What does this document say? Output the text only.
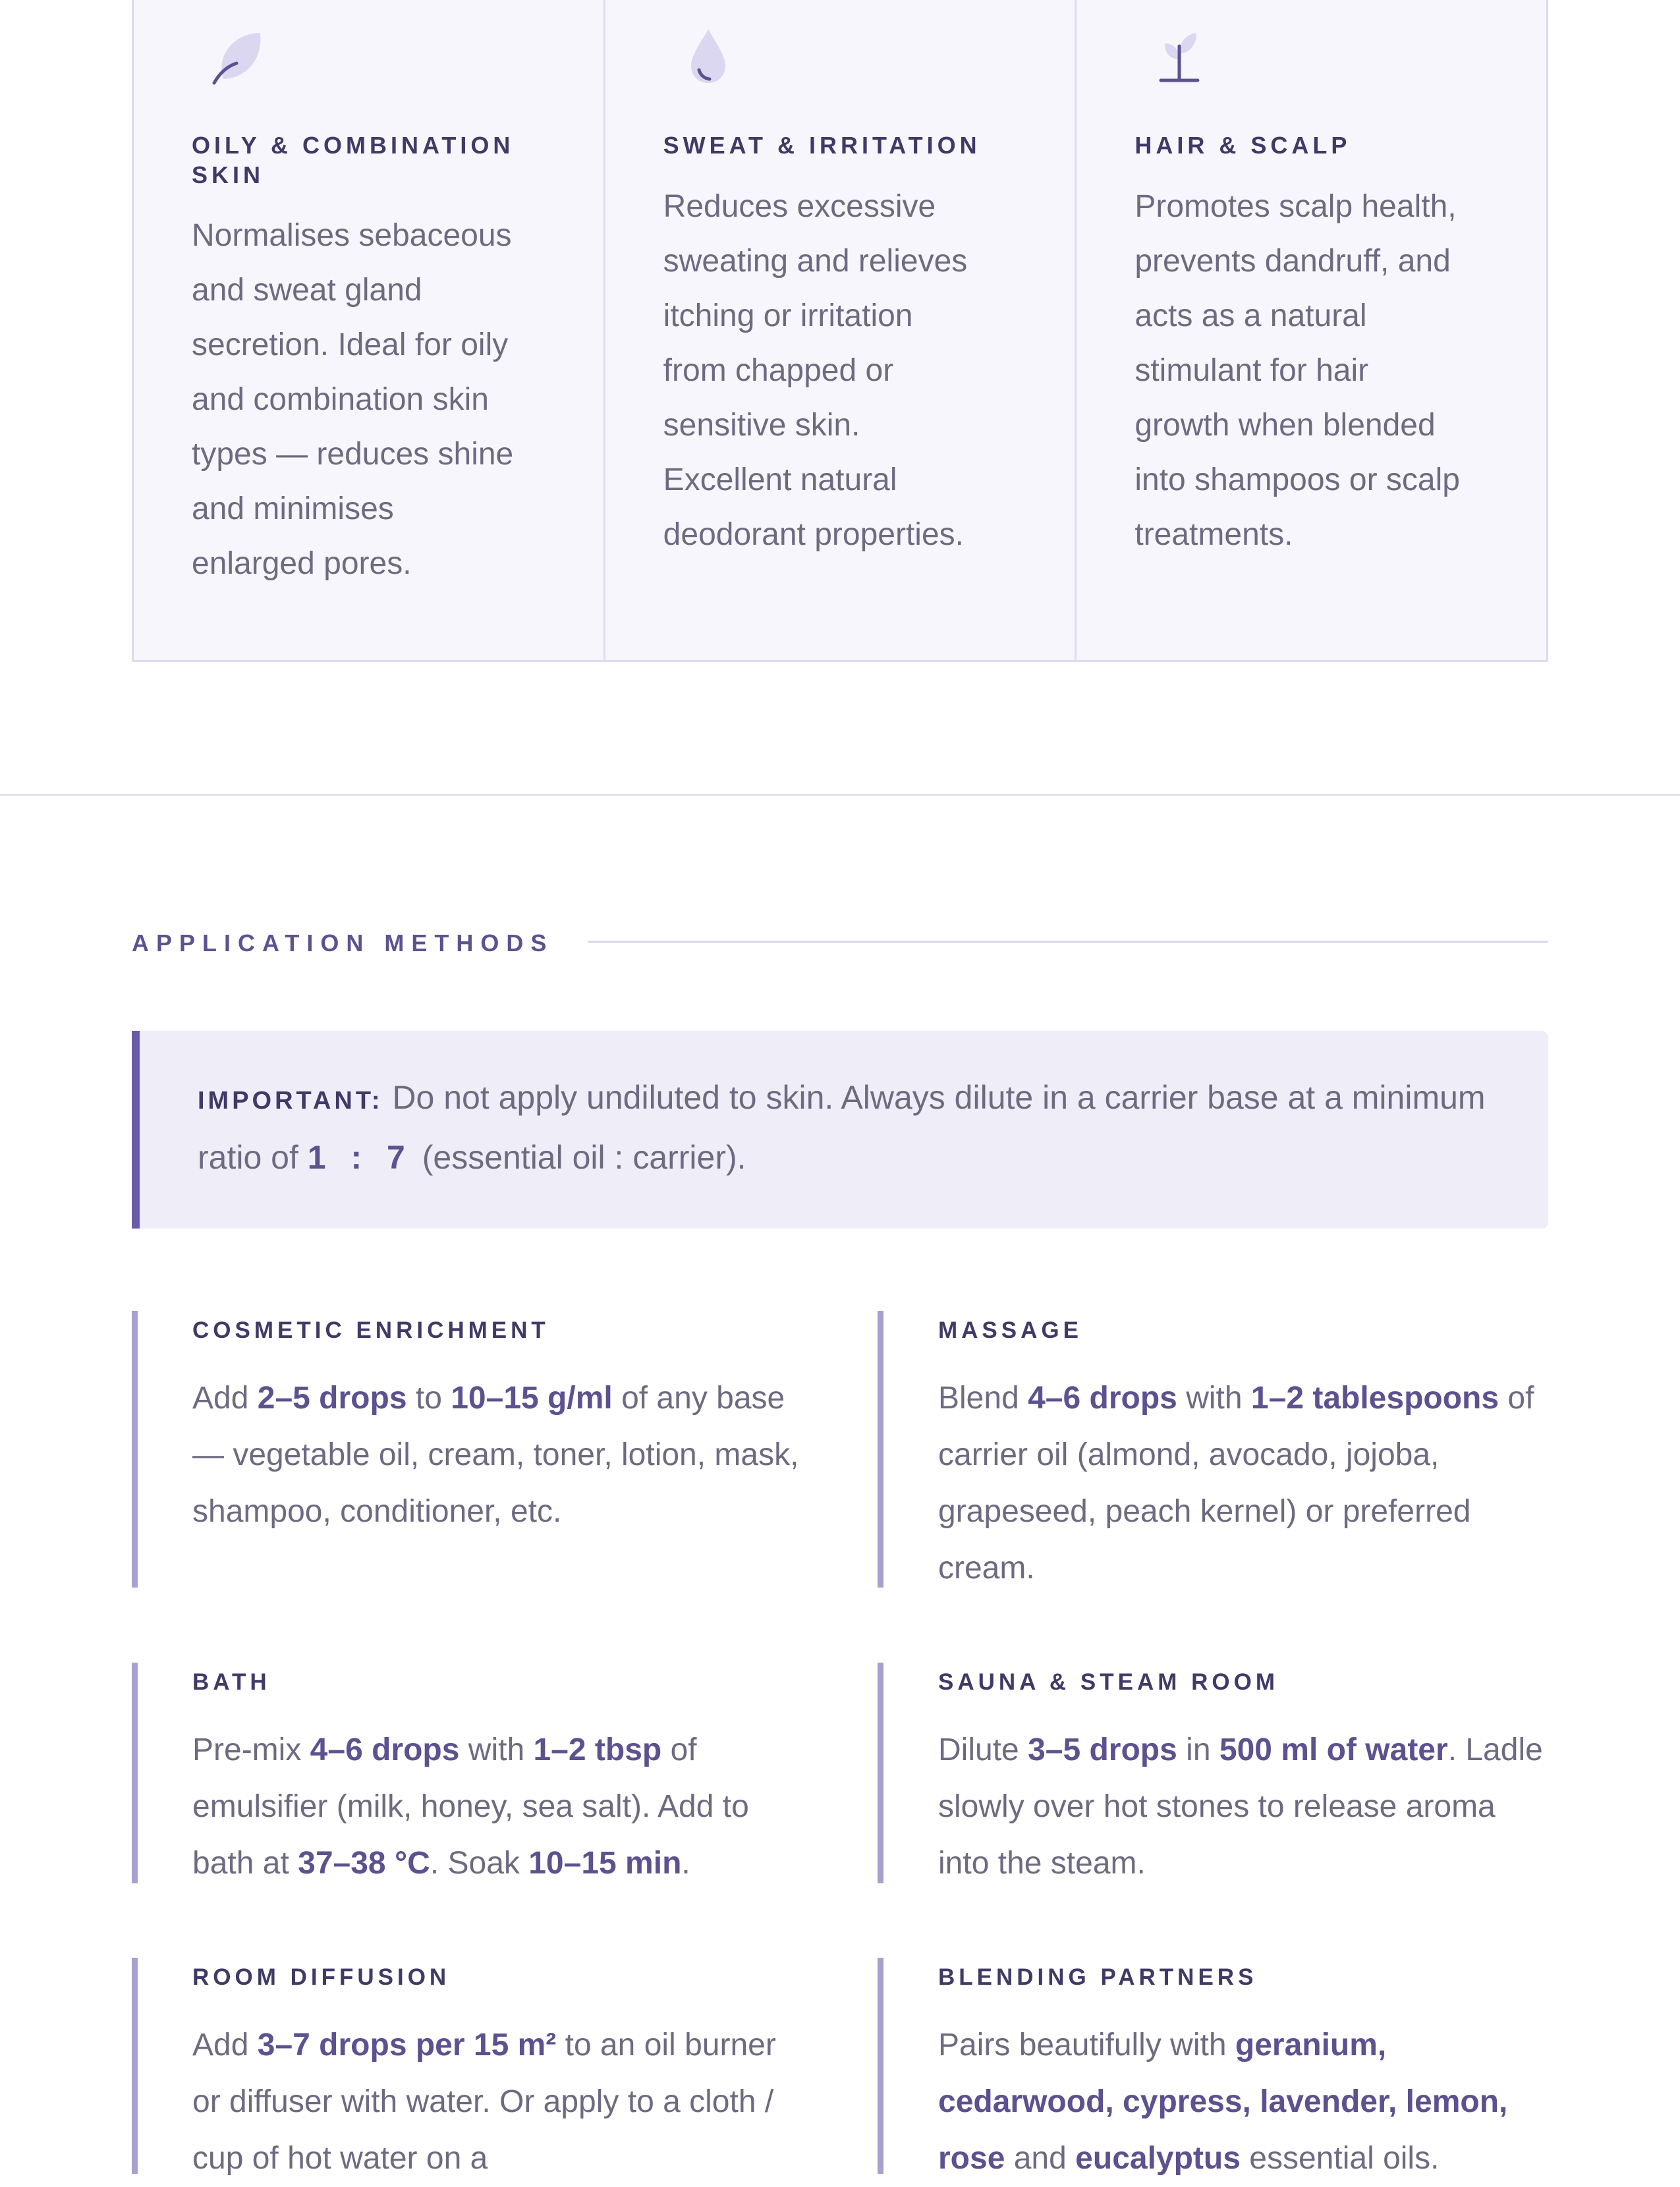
OILY & COMBINATION SKIN

Normalises sebaceous
and sweat gland
secretion. Ideal for oily
and combination skin
types — reduces shine
and minimises
enlarged pores.

SWEAT & IRRITATION

Reduces excessive
sweating and relieves
itching or irritation
from chapped or
sensitive skin.
Excellent natural
deodorant properties.

HAIR & SCALP

Promotes scalp health,
prevents dandruff, and
acts as a natural
stimulant for hair
growth when blended
into shampoos or scalp
treatments.

APPLICATION METHODS
IMPORTANT: Do not apply undiluted to skin. Always dilute in a carrier base at a minimum ratio of 1 : 7 (essential oil : carrier).
COSMETIC ENRICHMENT

Add 2–5 drops to 10–15 g/ml of any base — vegetable oil, cream, toner, lotion, mask, shampoo, conditioner, etc.

MASSAGE

Blend 4–6 drops with 1–2 tablespoons of carrier oil (almond, avocado, jojoba, grapeseed, peach kernel) or preferred cream.

BATH

Pre-mix 4–6 drops with 1–2 tbsp of emulsifier (milk, honey, sea salt). Add to bath at 37–38 °C. Soak 10–15 min.

SAUNA & STEAM ROOM

Dilute 3–5 drops in 500 ml of water. Ladle slowly over hot stones to release aroma into the steam.

ROOM DIFFUSION

Add 3–7 drops per 15 m² to an oil burner or diffuser with water. Or apply to a cloth / cup of hot water on a

BLENDING PARTNERS

Pairs beautifully with geranium, cedarwood, cypress, lavender, lemon, rose and eucalyptus essential oils.
